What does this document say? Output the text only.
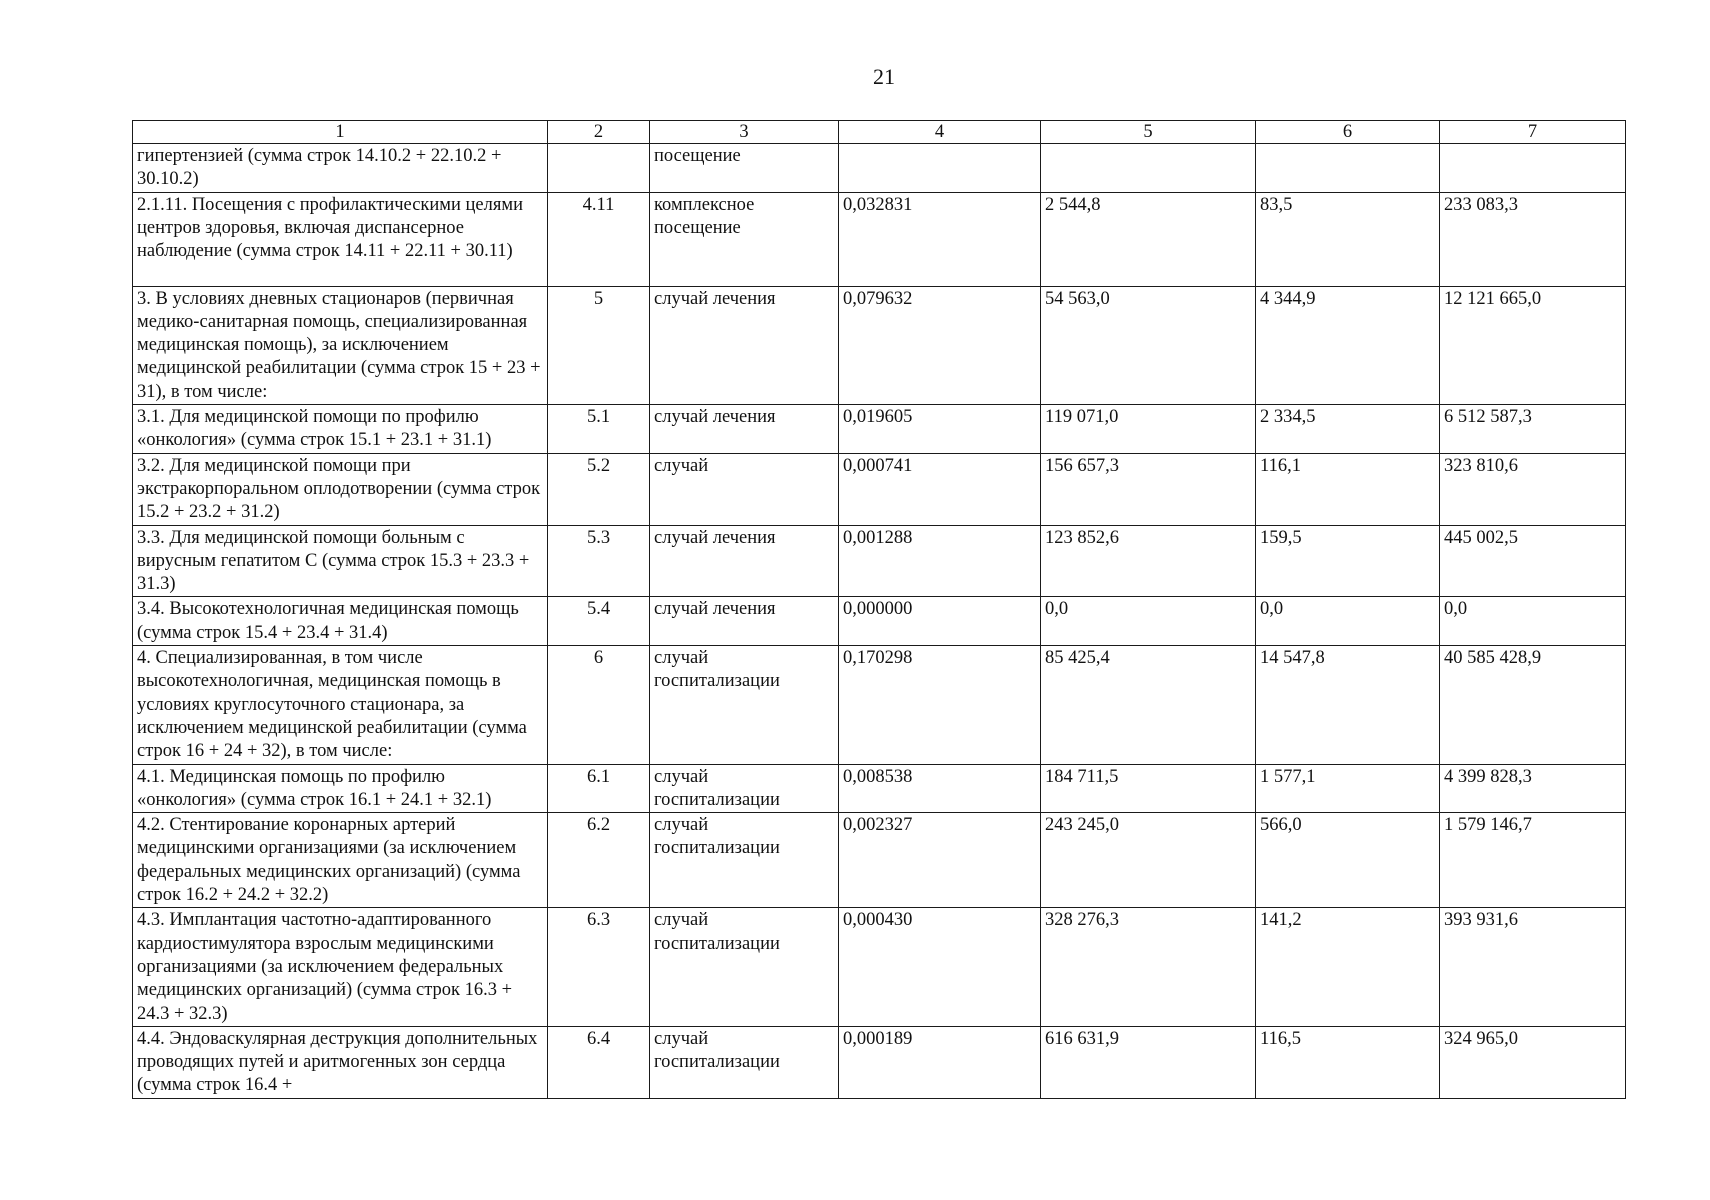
21
1	2	3	4	5	6	7
гипертензией (сумма строк 14.10.2 + 22.10.2 + 30.10.2)		посещение				
2.1.11. Посещения с профилактическими целями центров здоровья, включая диспансерное наблюдение (сумма строк 14.11 + 22.11 + 30.11)	4.11	комплексное посещение	0,032831	2 544,8	83,5	233 083,3
3. В условиях дневных стационаров (первичная медико-санитарная помощь, специализированная медицинская помощь), за исключением медицинской реабилитации (сумма строк 15 + 23 + 31), в том числе:	5	случай лечения	0,079632	54 563,0	4 344,9	12 121 665,0
3.1. Для медицинской помощи по профилю «онкология» (сумма строк 15.1 + 23.1 + 31.1)	5.1	случай лечения	0,019605	119 071,0	2 334,5	6 512 587,3
3.2. Для медицинской помощи при экстракорпоральном оплодотворении (сумма строк 15.2 + 23.2 + 31.2)	5.2	случай	0,000741	156 657,3	116,1	323 810,6
3.3. Для медицинской помощи больным с вирусным гепатитом С (сумма строк 15.3 + 23.3 + 31.3)	5.3	случай лечения	0,001288	123 852,6	159,5	445 002,5
3.4. Высокотехнологичная медицинская помощь (сумма строк 15.4 + 23.4 + 31.4)	5.4	случай лечения	0,000000	0,0	0,0	0,0
4. Специализированная, в том числе высокотехнологичная, медицинская помощь в условиях круглосуточного стационара, за исключением медицинской реабилитации (сумма строк 16 + 24 + 32), в том числе:	6	случай госпитализации	0,170298	85 425,4	14 547,8	40 585 428,9
4.1. Медицинская помощь по профилю «онкология» (сумма строк 16.1 + 24.1 + 32.1)	6.1	случай госпитализации	0,008538	184 711,5	1 577,1	4 399 828,3
4.2. Стентирование коронарных артерий медицинскими организациями (за исключением федеральных медицинских организаций) (сумма строк 16.2 + 24.2 + 32.2)	6.2	случай госпитализации	0,002327	243 245,0	566,0	1 579 146,7
4.3. Имплантация частотно-адаптированного кардиостимулятора взрослым медицинскими организациями (за исключением федеральных медицинских организаций) (сумма строк 16.3 + 24.3 + 32.3)	6.3	случай госпитализации	0,000430	328 276,3	141,2	393 931,6
4.4. Эндоваскулярная деструкция дополнительных проводящих путей и аритмогенных зон сердца (сумма строк 16.4 +	6.4	случай госпитализации	0,000189	616 631,9	116,5	324 965,0
